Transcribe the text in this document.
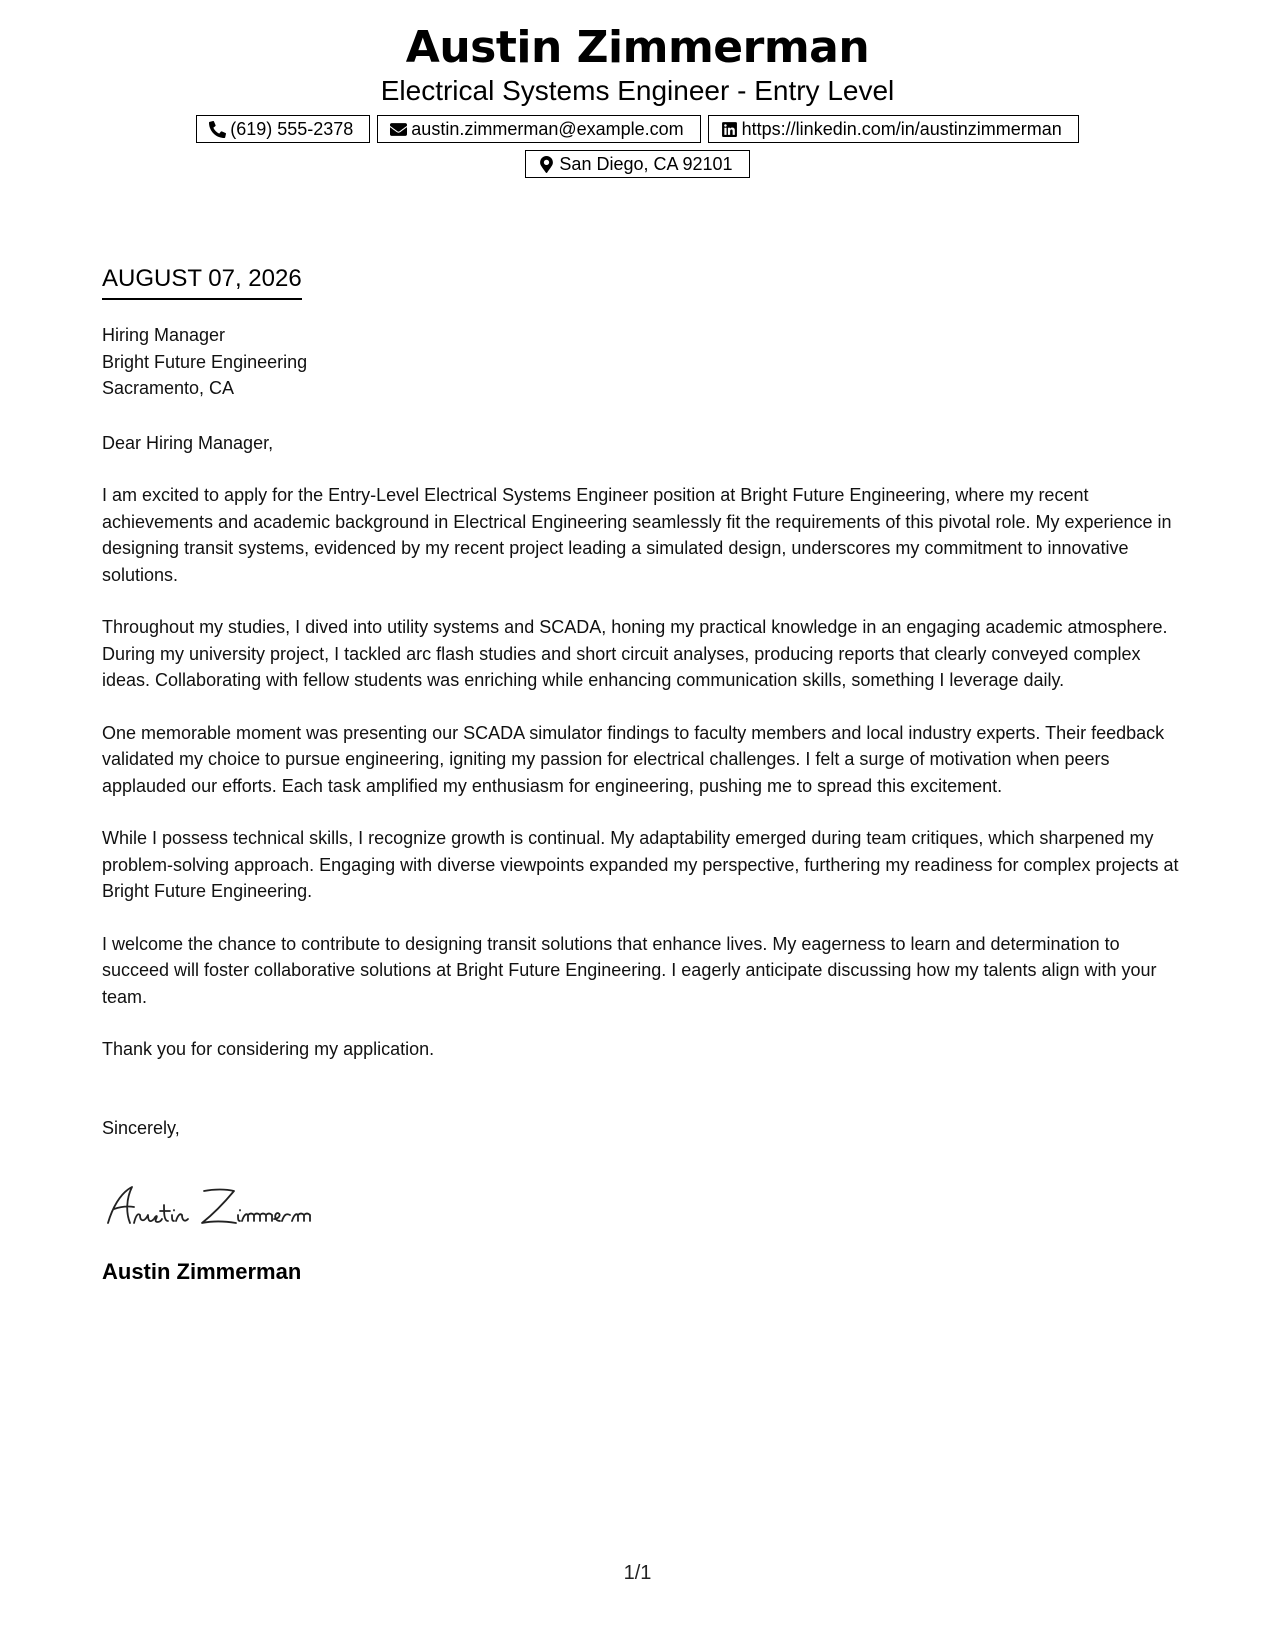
Austin Zimmerman
Electrical Systems Engineer - Entry Level
(619) 555-2378	austin.zimmerman@example.com	https://linkedin.com/in/austinzimmerman
San Diego, CA 92101
AUGUST 07, 2026
Hiring Manager
Bright Future Engineering
Sacramento, CA
Dear Hiring Manager,

I am excited to apply for the Entry-Level Electrical Systems Engineer position at Bright Future Engineering, where my recent achievements and academic background in Electrical Engineering seamlessly fit the requirements of this pivotal role. My experience in designing transit systems, evidenced by my recent project leading a simulated design, underscores my commitment to innovative solutions.

Throughout my studies, I dived into utility systems and SCADA, honing my practical knowledge in an engaging academic atmosphere. During my university project, I tackled arc flash studies and short circuit analyses, producing reports that clearly conveyed complex ideas. Collaborating with fellow students was enriching while enhancing communication skills, something I leverage daily.

One memorable moment was presenting our SCADA simulator findings to faculty members and local industry experts. Their feedback validated my choice to pursue engineering, igniting my passion for electrical challenges. I felt a surge of motivation when peers applauded our efforts. Each task amplified my enthusiasm for engineering, pushing me to spread this excitement.

While I possess technical skills, I recognize growth is continual. My adaptability emerged during team critiques, which sharpened my problem-solving approach. Engaging with diverse viewpoints expanded my perspective, furthering my readiness for complex projects at Bright Future Engineering.

I welcome the chance to contribute to designing transit solutions that enhance lives. My eagerness to learn and determination to succeed will foster collaborative solutions at Bright Future Engineering. I eagerly anticipate discussing how my talents align with your team.

Thank you for considering my application.

Sincerely,
Austin Zimmerman
1/1
